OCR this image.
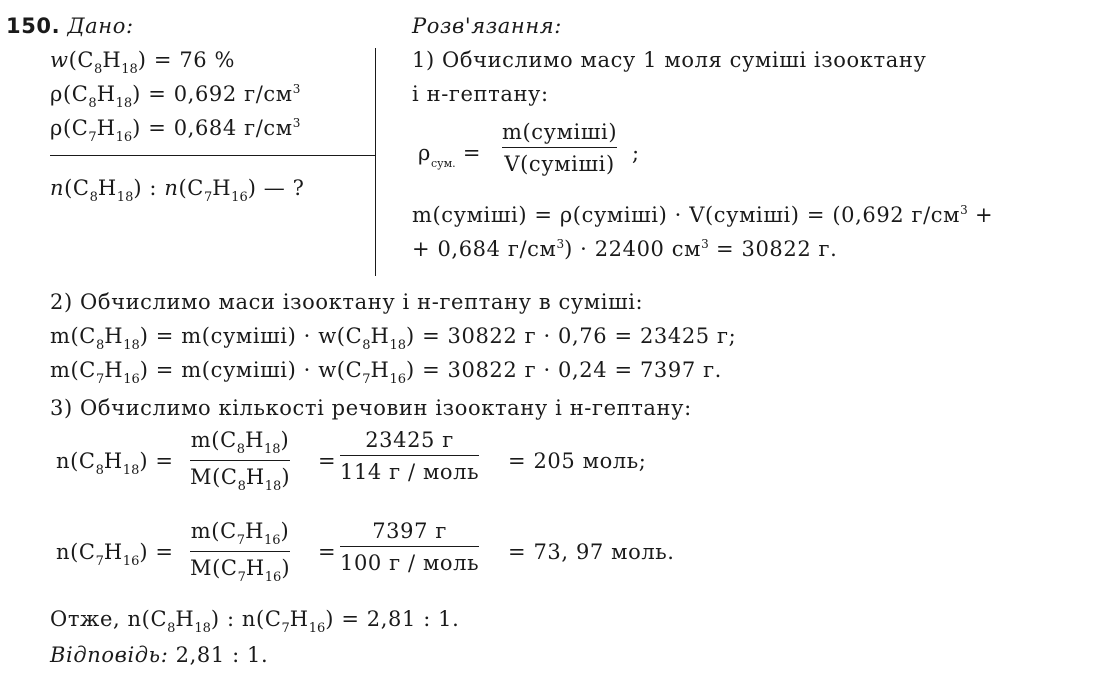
150. Дано:	Розв'язання:
$w(C_8H_{18}) = 76$ %
$\rho(C_8H_{18}) = 0,692$ $г/см^3$
$\rho(C_7H_{16}) = 0,684$ $г/см^3$
$n(C_8H_{18})$ : $n(C_7H_{16})$ — ?
1) Обчислимо масу 1 моля суміші ізооктану
і н-гептану:
$\rho_{сум.}$ =
m(суміші)
V(суміші) ;
m(суміші) = ρ(суміші) · V(суміші) = (0,692 $г/см^3$ +
+ 0,684 $г/см^3) \cdot 22400$ $см^3 = 30822$ г.
2) Обчислимо маси ізооктану і н-гептану в суміші:
$m(C_8H_{18})$ = m(суміші) · $w(C_8H_{18}) = 30822$ г · 0,76 = 23425 г;
$m(C_7H_{16})$ = m(суміші) · $w(C_7H_{16}) = 30822$ г · 0,24 = 7397 г.
3) Обчислимо кількості речовин ізооктану і н-гептану:
$n(C_8H_{18})$ =
$m(C_8H_{18})$
$M(C_8H_{18})$
=
23425 г
114 г / моль = 205 моль;
$n(C_7H_{16})$ =
$m(C_7H_{16})$
$M(C_7H_{16})$
=
7397 г
100 г / моль = 73, 97 моль.
Отже, $n(C_8H_{18})$ : $n(C_7H_{16}) = 2,81$ : 1.
Відповідь: 2,81 : 1.
